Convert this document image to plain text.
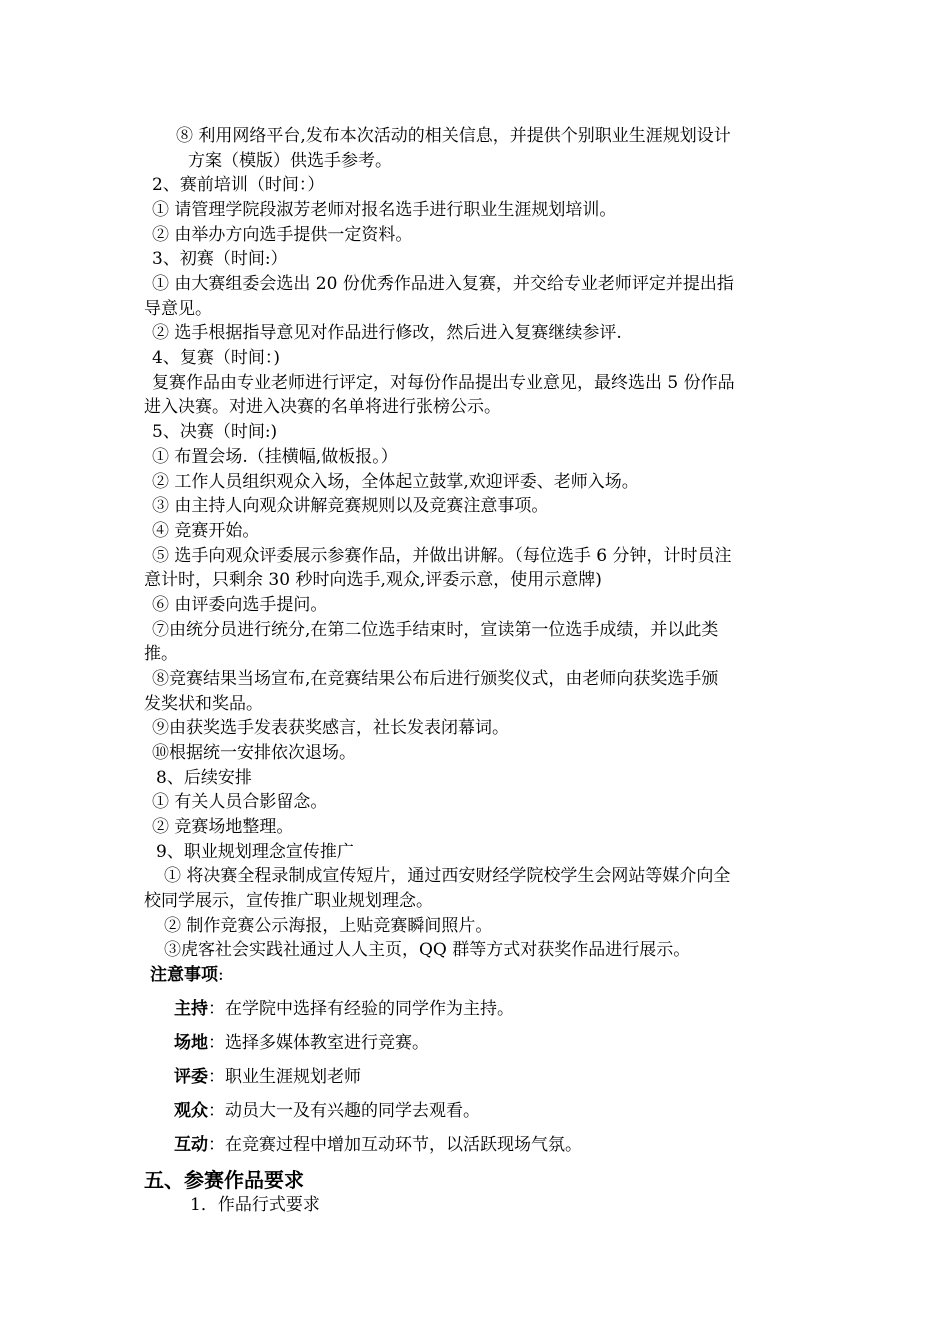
⑧ 利用网络平台,发布本次活动的相关信息，并提供个别职业生涯规划设计
方案（模版）供选手参考。
2、赛前培训（时间：）
① 请管理学院段淑芳老师对报名选手进行职业生涯规划培训。
② 由举办方向选手提供一定资料。
3、初赛（时间:）
① 由大赛组委会选出 20 份优秀作品进入复赛，并交给专业老师评定并提出指
导意见。
② 选手根据指导意见对作品进行修改，然后进入复赛继续参评.
4、复赛（时间：)
复赛作品由专业老师进行评定，对每份作品提出专业意见，最终选出 5 份作品
进入决赛。对进入决赛的名单将进行张榜公示。
5、决赛（时间:)
① 布置会场.（挂横幅,做板报。）
② 工作人员组织观众入场，全体起立鼓掌,欢迎评委、老师入场。
③ 由主持人向观众讲解竞赛规则以及竞赛注意事项。
④ 竞赛开始。
⑤ 选手向观众评委展示参赛作品，并做出讲解。（每位选手 6 分钟，计时员注
意计时，只剩余 30 秒时向选手,观众,评委示意，使用示意牌)
⑥ 由评委向选手提问。
⑦由统分员进行统分,在第二位选手结束时，宣读第一位选手成绩，并以此类
推。
⑧竞赛结果当场宣布,在竞赛结果公布后进行颁奖仪式，由老师向获奖选手颁
发奖状和奖品。
⑨由获奖选手发表获奖感言，社长发表闭幕词。
⑩根据统一安排依次退场。
8、后续安排
① 有关人员合影留念。
② 竞赛场地整理。
9、职业规划理念宣传推广
① 将决赛全程录制成宣传短片，通过西安财经学院校学生会网站等媒介向全
校同学展示，宣传推广职业规划理念。
② 制作竞赛公示海报，上贴竞赛瞬间照片。
③虎客社会实践社通过人人主页，QQ 群等方式对获奖作品进行展示。
注意事项:
主持：在学院中选择有经验的同学作为主持。
场地：选择多媒体教室进行竞赛。
评委：职业生涯规划老师
观众：动员大一及有兴趣的同学去观看。
互动：在竞赛过程中增加互动环节，以活跃现场气氛。
五、参赛作品要求
1．作品行式要求
